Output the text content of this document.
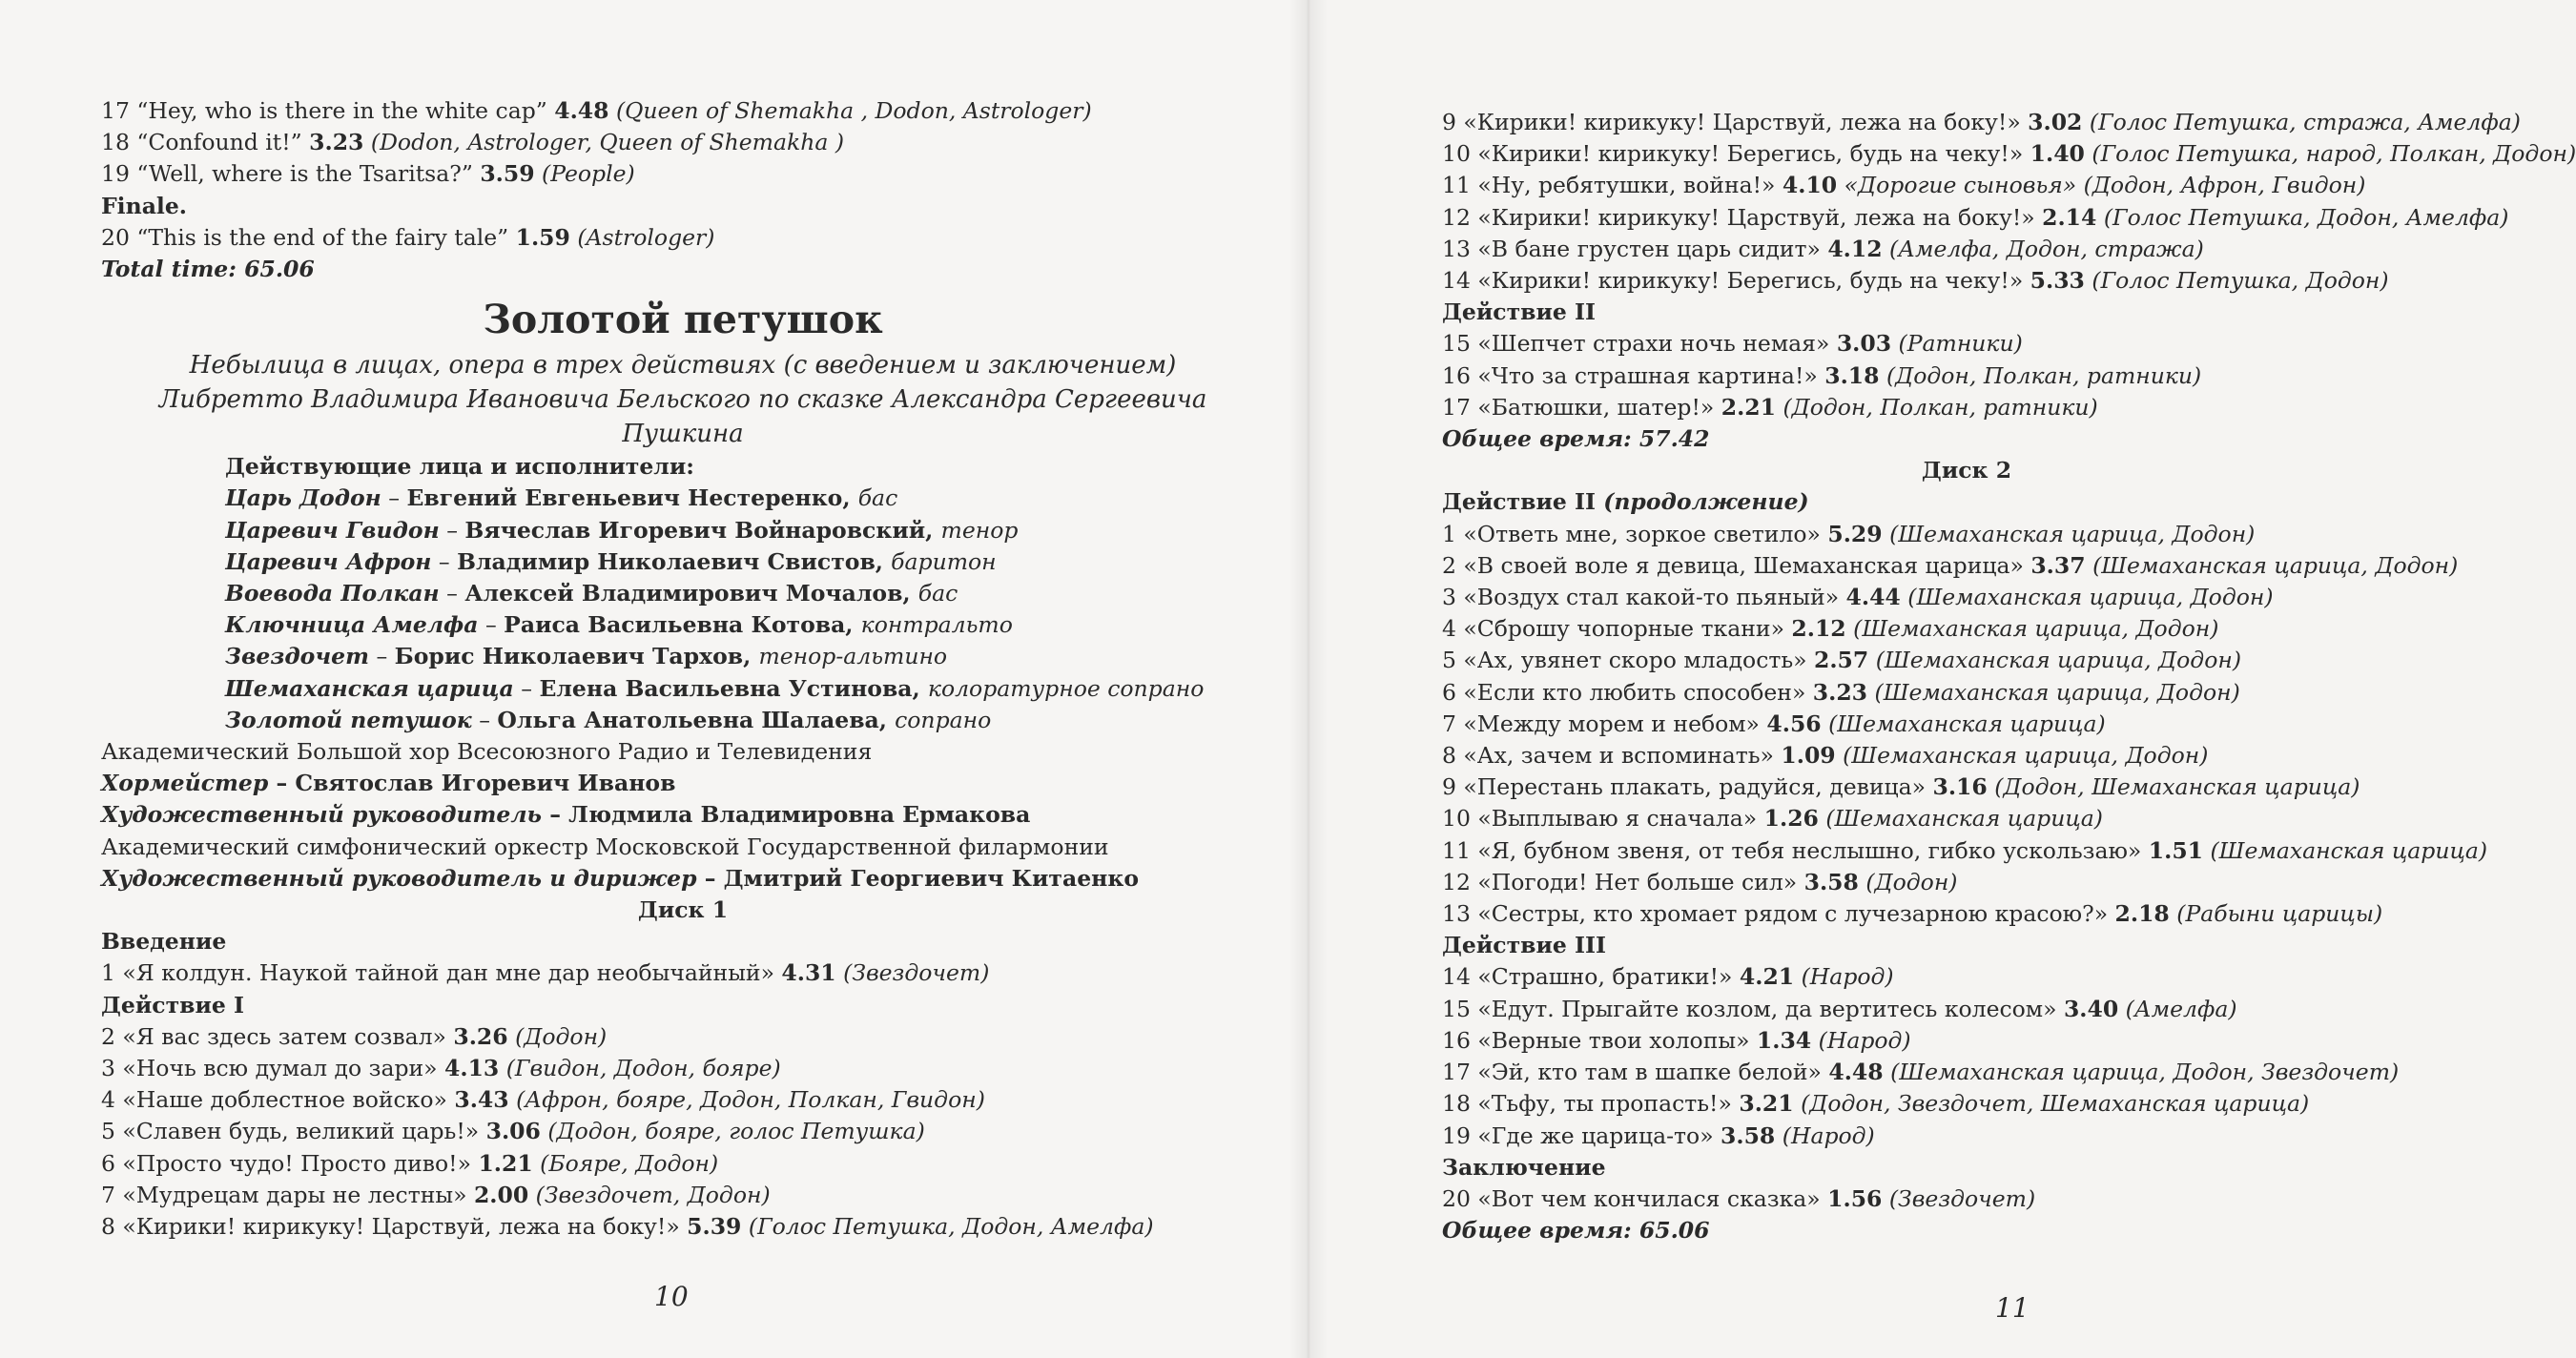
17 “Hey, who is there in the white cap” 4.48 (Queen of Shemakha , Dodon, Astrologer)
18 “Confound it!” 3.23 (Dodon, Astrologer, Queen of Shemakha )
19 “Well, where is the Tsaritsa?” 3.59 (People)
Finale.
20 “This is the end of the fairy tale” 1.59 (Astrologer)
Total time: 65.06
Золотой петушок
Небылица в лицах, опера в трех действиях (с введением и заключением)
Либретто Владимира Ивановича Бельского по сказке Александра Сергеевича Пушкина
Действующие лица и исполнители:
Царь Додон – Евгений Евгеньевич Нестеренко, бас
Царевич Гвидон – Вячеслав Игоревич Войнаровский, тенор
Царевич Афрон – Владимир Николаевич Свистов, баритон
Воевода Полкан – Алексей Владимирович Мочалов, бас
Ключница Амелфа – Раиса Васильевна Котова, контральто
Звездочет – Борис Николаевич Тархов, тенор-альтино
Шемаханская царица – Елена Васильевна Устинова, колоратурное сопрано
Золотой петушок – Ольга Анатольевна Шалаева, сопрано
Академический Большой хор Всесоюзного Радио и Телевидения
Хормейстер – Святослав Игоревич Иванов
Художественный руководитель – Людмила Владимировна Ермакова
Академический симфонический оркестр Московской Государственной филармонии
Художественный руководитель и дирижер – Дмитрий Георгиевич Китаенко
Диск 1
Введение
1 «Я колдун. Наукой тайной дан мне дар необычайный» 4.31 (Звездочет)
Действие I
2 «Я вас здесь затем созвал» 3.26 (Додон)
3 «Ночь всю думал до зари» 4.13 (Гвидон, Додон, бояре)
4 «Наше доблестное войско» 3.43 (Афрон, бояре, Додон, Полкан, Гвидон)
5 «Славен будь, великий царь!» 3.06 (Додон, бояре, голос Петушка)
6 «Просто чудо! Просто диво!» 1.21 (Бояре, Додон)
7 «Мудрецам дары не лестны» 2.00 (Звездочет, Додон)
8 «Кирики! кирикуку! Царствуй, лежа на боку!» 5.39 (Голос Петушка, Додон, Амелфа)
10
9 «Кирики! кирикуку! Царствуй, лежа на боку!» 3.02 (Голос Петушка, стража, Амелфа)
10 «Кирики! кирикуку! Берегись, будь на чеку!» 1.40 (Голос Петушка, народ, Полкан, Додон)
11 «Ну, ребятушки, война!» 4.10 «Дорогие сыновья» (Додон, Афрон, Гвидон)
12 «Кирики! кирикуку! Царствуй, лежа на боку!» 2.14 (Голос Петушка, Додон, Амелфа)
13 «В бане грустен царь сидит» 4.12 (Амелфа, Додон, стража)
14 «Кирики! кирикуку! Берегись, будь на чеку!» 5.33 (Голос Петушка, Додон)
Действие II
15 «Шепчет страхи ночь немая» 3.03 (Ратники)
16 «Что за страшная картина!» 3.18 (Додон, Полкан, ратники)
17 «Батюшки, шатер!» 2.21 (Додон, Полкан, ратники)
Общее время: 57.42
Диск 2
Действие II (продолжение)
1 «Ответь мне, зоркое светило» 5.29 (Шемаханская царица, Додон)
2 «В своей воле я девица, Шемаханская царица» 3.37 (Шемаханская царица, Додон)
3 «Воздух стал какой-то пьяный» 4.44 (Шемаханская царица, Додон)
4 «Сброшу чопорные ткани» 2.12 (Шемаханская царица, Додон)
5 «Ах, увянет скоро младость» 2.57 (Шемаханская царица, Додон)
6 «Если кто любить способен» 3.23 (Шемаханская царица, Додон)
7 «Между морем и небом» 4.56 (Шемаханская царица)
8 «Ах, зачем и вспоминать» 1.09 (Шемаханская царица, Додон)
9 «Перестань плакать, радуйся, девица» 3.16 (Додон, Шемаханская царица)
10 «Выплываю я сначала» 1.26 (Шемаханская царица)
11 «Я, бубном звеня, от тебя неслышно, гибко ускользаю» 1.51 (Шемаханская царица)
12 «Погоди! Нет больше сил» 3.58 (Додон)
13 «Сестры, кто хромает рядом с лучезарною красою?» 2.18 (Рабыни царицы)
Действие III
14 «Страшно, братики!» 4.21 (Народ)
15 «Едут. Прыгайте козлом, да вертитесь колесом» 3.40 (Амелфа)
16 «Верные твои холопы» 1.34 (Народ)
17 «Эй, кто там в шапке белой» 4.48 (Шемаханская царица, Додон, Звездочет)
18 «Тьфу, ты пропасть!» 3.21 (Додон, Звездочет, Шемаханская царица)
19 «Где же царица-то» 3.58 (Народ)
Заключение
20 «Вот чем кончилася сказка» 1.56 (Звездочет)
Общее время: 65.06
11
